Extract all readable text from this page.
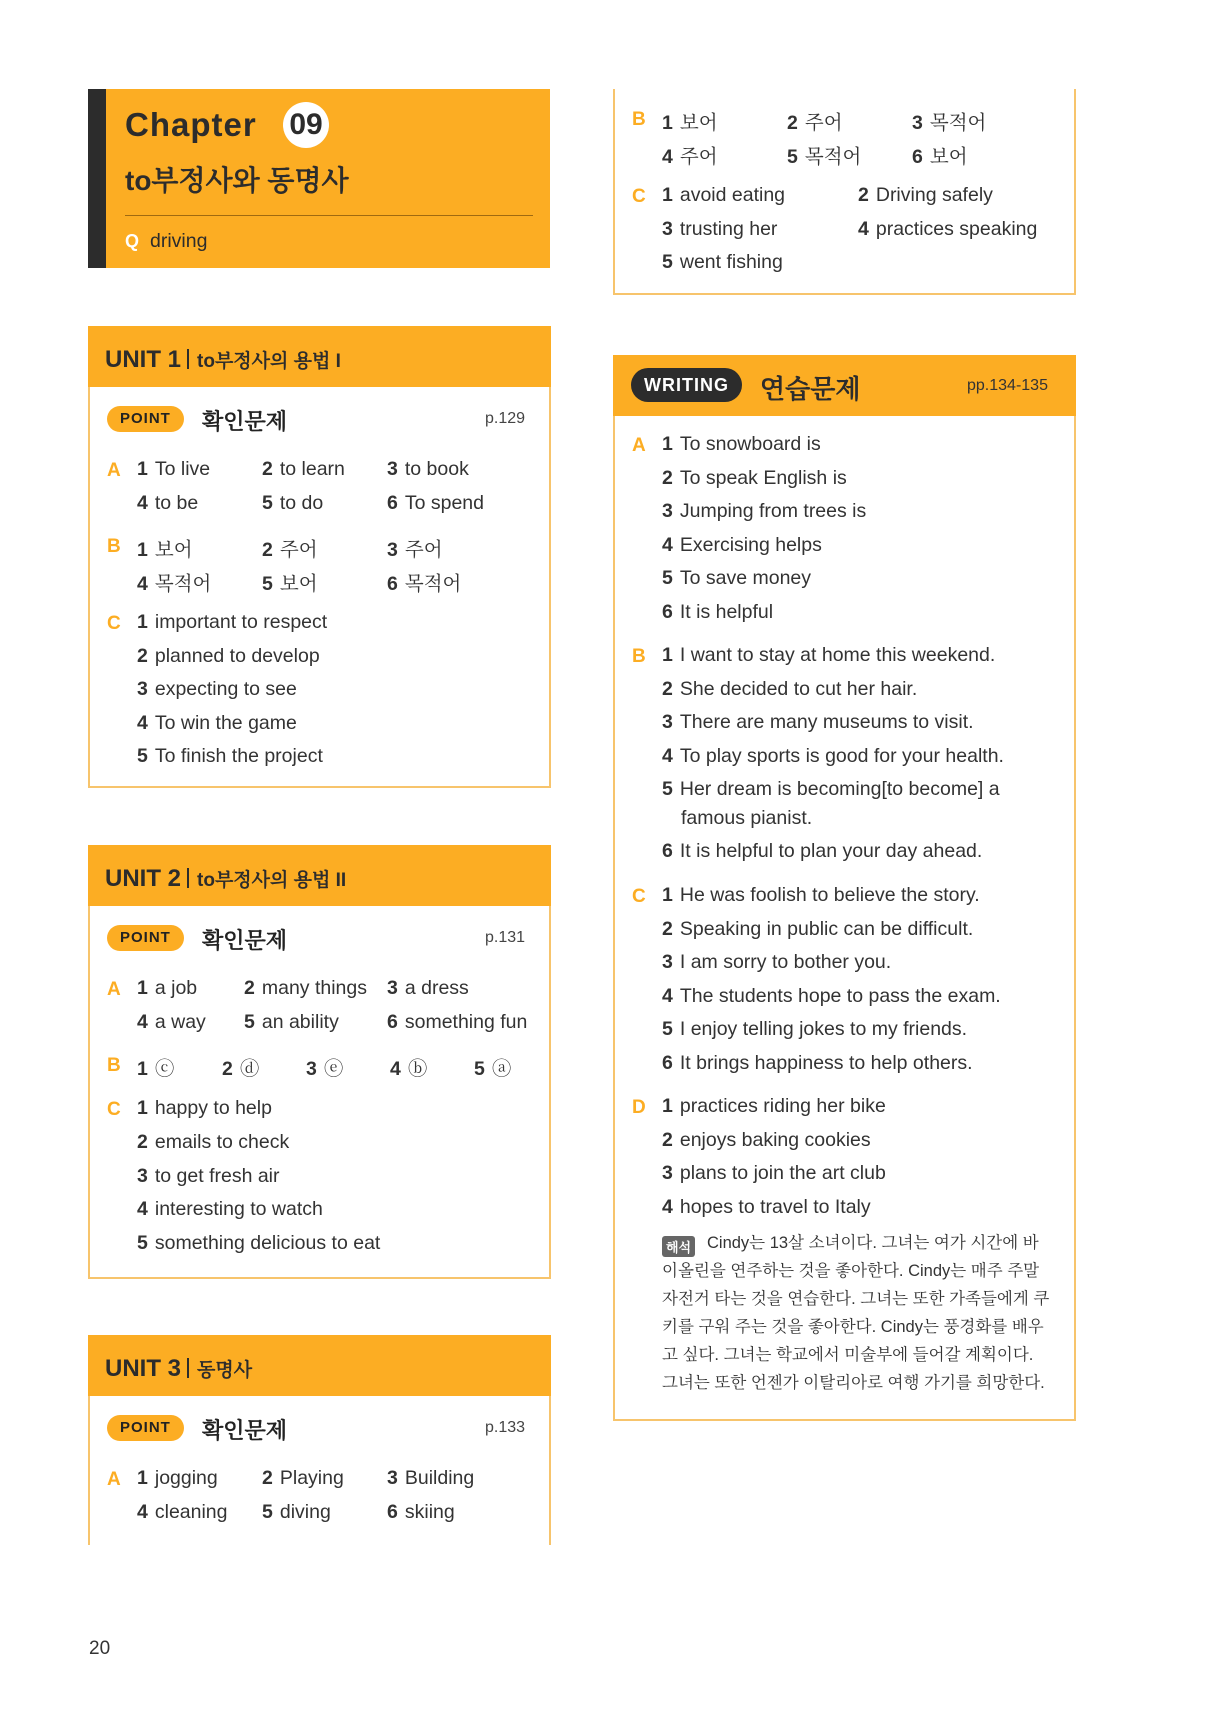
Chapter 09
to부정사와 동명사
Q driving
UNIT 1 to부정사의 용법 I
POINT	확인문제	p.129
A 1 To live	2 to learn 3 to book
4 to be	5 to do	6 To spend
B 1 보어	2 주어	3 주어
4 목적어	5 보어	6 목적어
C 1 important to respect
2 planned to develop
3 expecting to see
4 To win the game
5 To finish the project
UNIT 2 to부정사의 용법 II
POINT	확인문제	p.131
A 1 a job 2 many things 3 a dress
4 a way 5 an ability 6 something fun
B 1 ⓒ 2 ⓓ 3 ⓔ 4 ⓑ 5 ⓐ
C 1 happy to help
2 emails to check
3 to get fresh air
4 interesting to watch
5 something delicious to eat
UNIT 3 동명사
POINT	확인문제	p.133
A 1 jogging 2 Playing 3 Building
4 cleaning 5 diving	6 skiing
B 1 보어	2 주어	3 목적어
4 주어	5 목적어	6 보어
C 1 avoid eating	2 Driving safely
3 trusting her	4 practices speaking
5 went fishing
WRITING	연습문제	pp.134-135
A 1 To snowboard is
2 To speak English is
3 Jumping from trees is
4 Exercising helps
5 To save money
6 It is helpful
B 1 I want to stay at home this weekend.
2 She decided to cut her hair.
3 There are many museums to visit.
4 To play sports is good for your health.
5 Her dream is becoming[to become] a
famous pianist.
6 It is helpful to plan your day ahead.
C 1 He was foolish to believe the story.
2 Speaking in public can be difficult.
3 I am sorry to bother you.
4 The students hope to pass the exam.
5 I enjoy telling jokes to my friends.
6 It brings happiness to help others.
D 1 practices riding her bike
2 enjoys baking cookies
3 plans to join the art club
4 hopes to travel to Italy
해석 Cindy는 13살 소녀이다. 그녀는 여가 시간에 바
이올린을 연주하는 것을 좋아한다. Cindy는 매주 주말
자전거 타는 것을 연습한다. 그녀는 또한 가족들에게 쿠
키를 구워 주는 것을 좋아한다. Cindy는 풍경화를 배우
고 싶다. 그녀는 학교에서 미술부에 들어갈 계획이다.
그녀는 또한 언젠가 이탈리아로 여행 가기를 희망한다.
20
